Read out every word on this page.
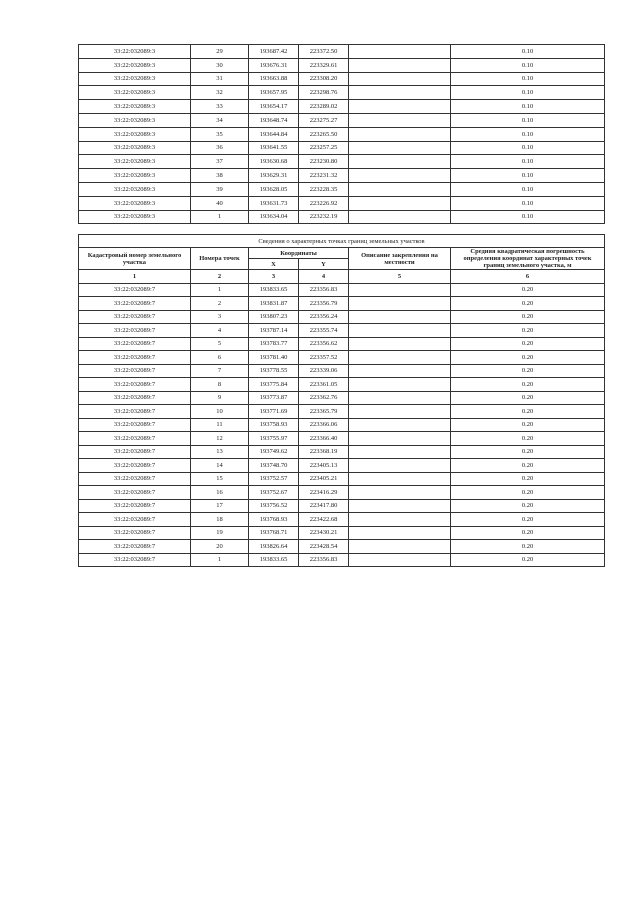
33:22:032089:3	29	193687.42	223372.50		0.10
33:22:032089:3	30	193676.31	223329.61		0.10
33:22:032089:3	31	193663.88	223308.20		0.10
33:22:032089:3	32	193657.95	223298.76		0.10
33:22:032089:3	33	193654.17	223289.02		0.10
33:22:032089:3	34	193648.74	223275.27		0.10
33:22:032089:3	35	193644.84	223265.50		0.10
33:22:032089:3	36	193641.55	223257.25		0.10
33:22:032089:3	37	193630.68	223230.80		0.10
33:22:032089:3	38	193629.31	223231.32		0.10
33:22:032089:3	39	193628.05	223228.35		0.10
33:22:032089:3	40	193631.73	223226.92		0.10
33:22:032089:3	1	193634.04	223232.19		0.10
Сведения о характерных точках границ земельных участков					
Кадастровый номер земельного участка	Номера точек	Координаты		Описание закрепления на местности	Средняя квадратическая погрешность определения координат характерных точек границ земельного участка, м
		X	Y		
1	2	3	4	5	6
33:22:032089:7	1	193833.65	223356.83		0.20
33:22:032089:7	2	193831.87	223356.79		0.20
33:22:032089:7	3	193807.23	223356.24		0.20
33:22:032089:7	4	193787.14	223355.74		0.20
33:22:032089:7	5	193783.77	223356.62		0.20
33:22:032089:7	6	193781.40	223357.52		0.20
33:22:032089:7	7	193778.55	223339.06		0.20
33:22:032089:7	8	193775.84	223361.05		0.20
33:22:032089:7	9	193773.87	223362.76		0.20
33:22:032089:7	10	193771.69	223365.79		0.20
33:22:032089:7	11	193758.93	223366.06		0.20
33:22:032089:7	12	193755.97	223366.40		0.20
33:22:032089:7	13	193749.62	223368.19		0.20
33:22:032089:7	14	193748.70	223405.13		0.20
33:22:032089:7	15	193752.57	223405.21		0.20
33:22:032089:7	16	193752.67	223416.29		0.20
33:22:032089:7	17	193756.52	223417.80		0.20
33:22:032089:7	18	193768.93	223422.68		0.20
33:22:032089:7	19	193768.71	223430.21		0.20
33:22:032089:7	20	193826.64	223428.54		0.20
33:22:032089:7	1	193833.65	223356.83		0.20
